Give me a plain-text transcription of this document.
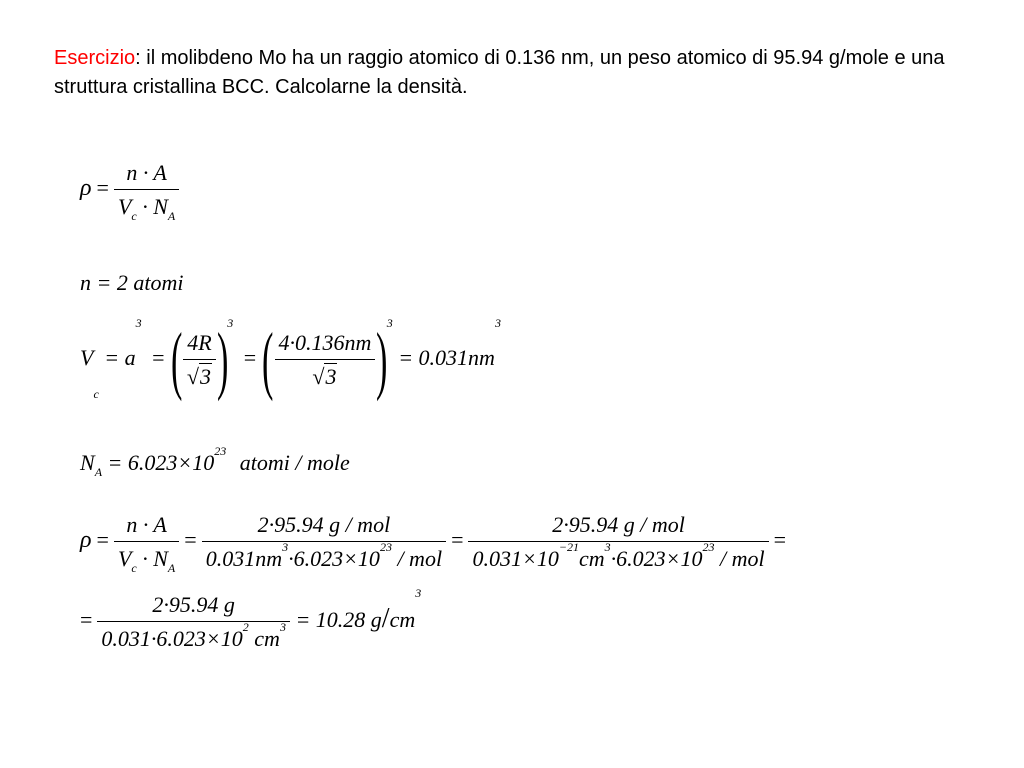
Esercizio: il molibdeno Mo ha un raggio atomico di 0.136 nm, un peso atomico di 95.94 g/mole e una struttura cristallina BCC. Calcolarne la densità.
$\rho = \frac{n \cdot A}{V_c \cdot N_A}$
n = 2 atomi
$V_c = a^3$ =( $\frac{4R}{√3} )3$ =( $\frac{4\cdot 0.136nm}{√3} )3 = 0.031nm^3$
$N_A = 6.023\times 10^{23}$ atomi / mole
$\rho = \frac{n \cdot A}{V_c \cdot N_A} = \frac{\text{2·95.94 g / mol}}{0.031nm^3\cdot 6.023\times 10^{23} / mol} = \frac{\text{2·95.94 g / mol}}{0.031\times 10^{-21}cm^3\cdot 6.023\times 10^{23} / mol}$ =
= $\frac{2\cdot 95.94 g}{0.031\cdot 6.023\times 10^2 cm^3} = 10.28$ $g/cm^3$
